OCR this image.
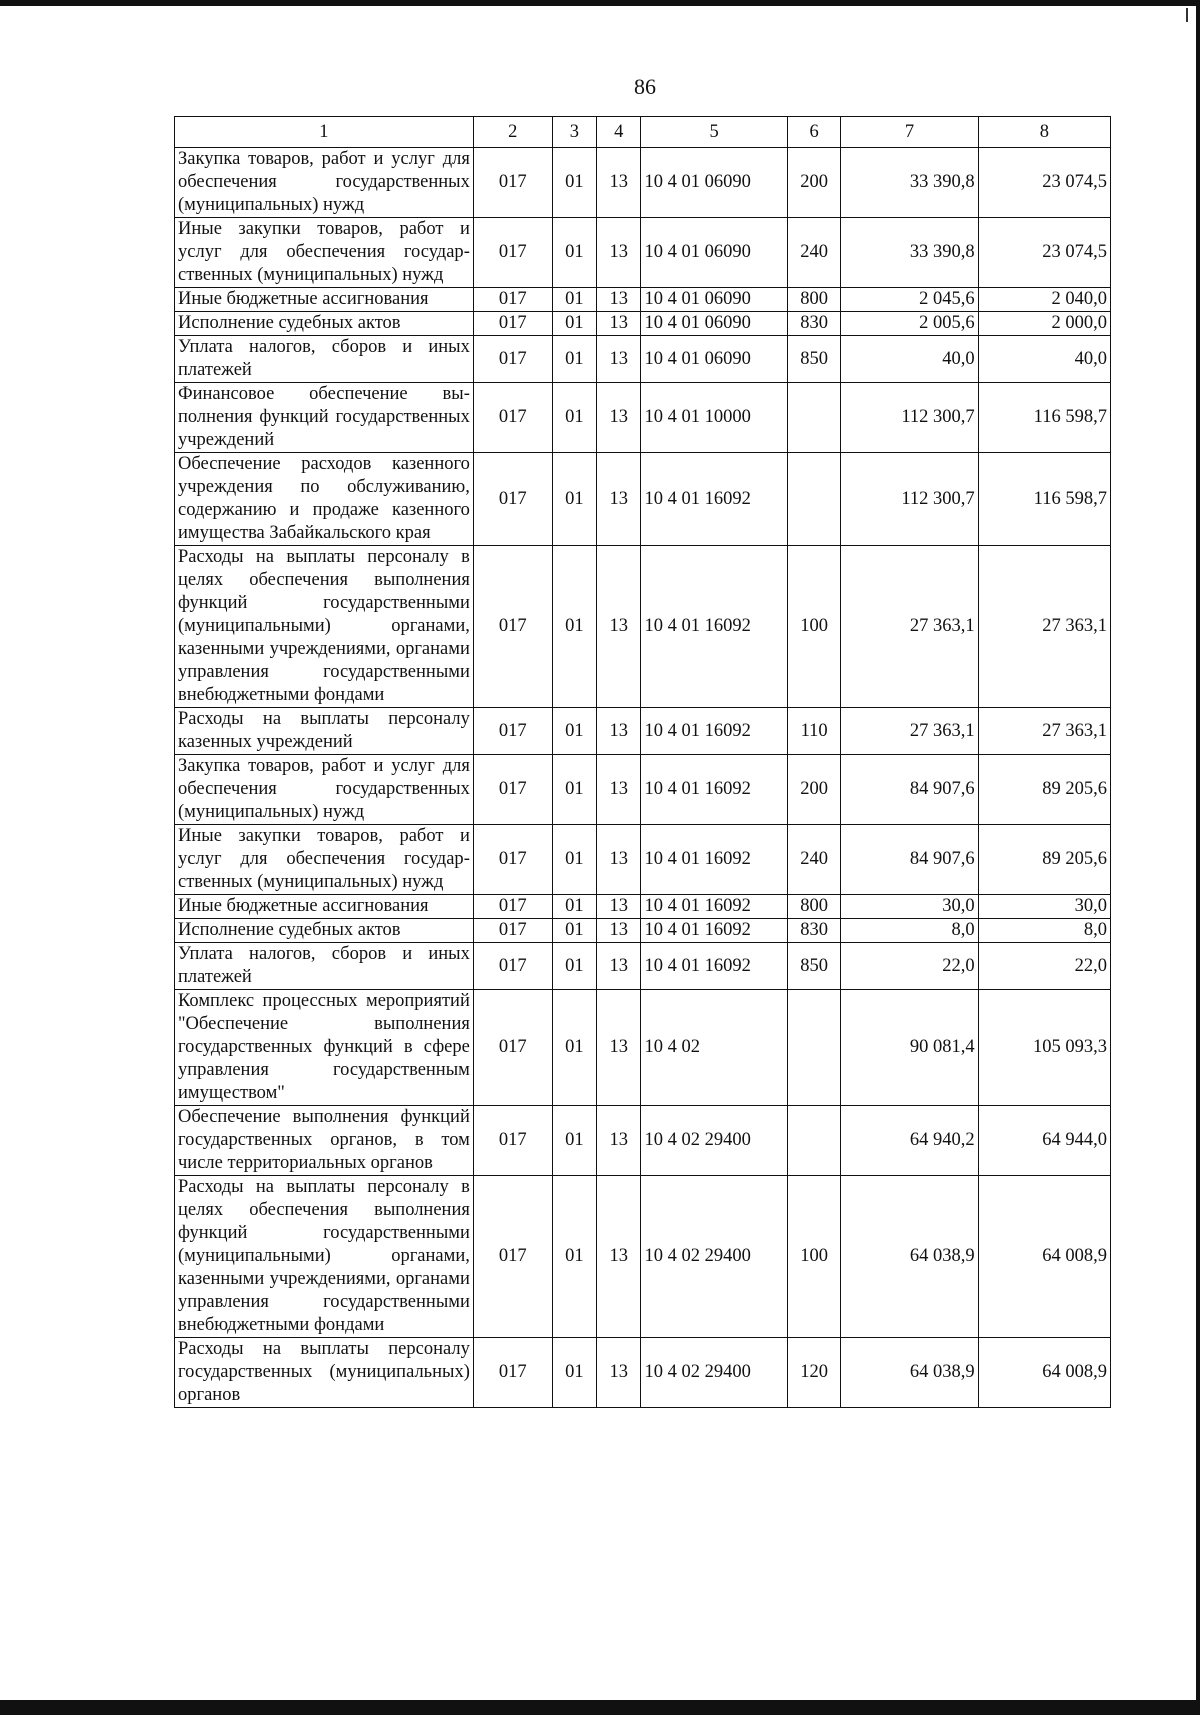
86
1	2	3	4	5	6	7	8
Закупка товаров, работ и услуг для обеспечения государственных (муниципальных) нужд	017	01	13	10 4 01 06090	200	33 390,8	23 074,5
Иные закупки товаров, работ и услуг для обеспечения государственных (муниципальных) нужд	017	01	13	10 4 01 06090	240	33 390,8	23 074,5
Иные бюджетные ассигнования	017	01	13	10 4 01 06090	800	2 045,6	2 040,0
Исполнение судебных актов	017	01	13	10 4 01 06090	830	2 005,6	2 000,0
Уплата налогов, сборов и иных платежей	017	01	13	10 4 01 06090	850	40,0	40,0
Финансовое обеспечение выполнения функций государственных учреждений	017	01	13	10 4 01 10000		112 300,7	116 598,7
Обеспечение расходов казенного учреждения по обслуживанию, содержанию и продаже казенного имущества Забайкальского края	017	01	13	10 4 01 16092		112 300,7	116 598,7
Расходы на выплаты персоналу в целях обеспечения выполнения функций государственными (муниципальными) органами, казенными учреждениями, органами управления государственными внебюджетными фондами	017	01	13	10 4 01 16092	100	27 363,1	27 363,1
Расходы на выплаты персоналу казенных учреждений	017	01	13	10 4 01 16092	110	27 363,1	27 363,1
Закупка товаров, работ и услуг для обеспечения государственных (муниципальных) нужд	017	01	13	10 4 01 16092	200	84 907,6	89 205,6
Иные закупки товаров, работ и услуг для обеспечения государственных (муниципальных) нужд	017	01	13	10 4 01 16092	240	84 907,6	89 205,6
Иные бюджетные ассигнования	017	01	13	10 4 01 16092	800	30,0	30,0
Исполнение судебных актов	017	01	13	10 4 01 16092	830	8,0	8,0
Уплата налогов, сборов и иных платежей	017	01	13	10 4 01 16092	850	22,0	22,0
Комплекс процессных мероприятий "Обеспечение выполнения государственных функций в сфере управления государственным имуществом"	017	01	13	10 4 02		90 081,4	105 093,3
Обеспечение выполнения функций государственных органов, в том числе территориальных органов	017	01	13	10 4 02 29400		64 940,2	64 944,0
Расходы на выплаты персоналу в целях обеспечения выполнения функций государственными (муниципальными) органами, казенными учреждениями, органами управления государственными внебюджетными фондами	017	01	13	10 4 02 29400	100	64 038,9	64 008,9
Расходы на выплаты персоналу государственных (муниципальных) органов	017	01	13	10 4 02 29400	120	64 038,9	64 008,9
